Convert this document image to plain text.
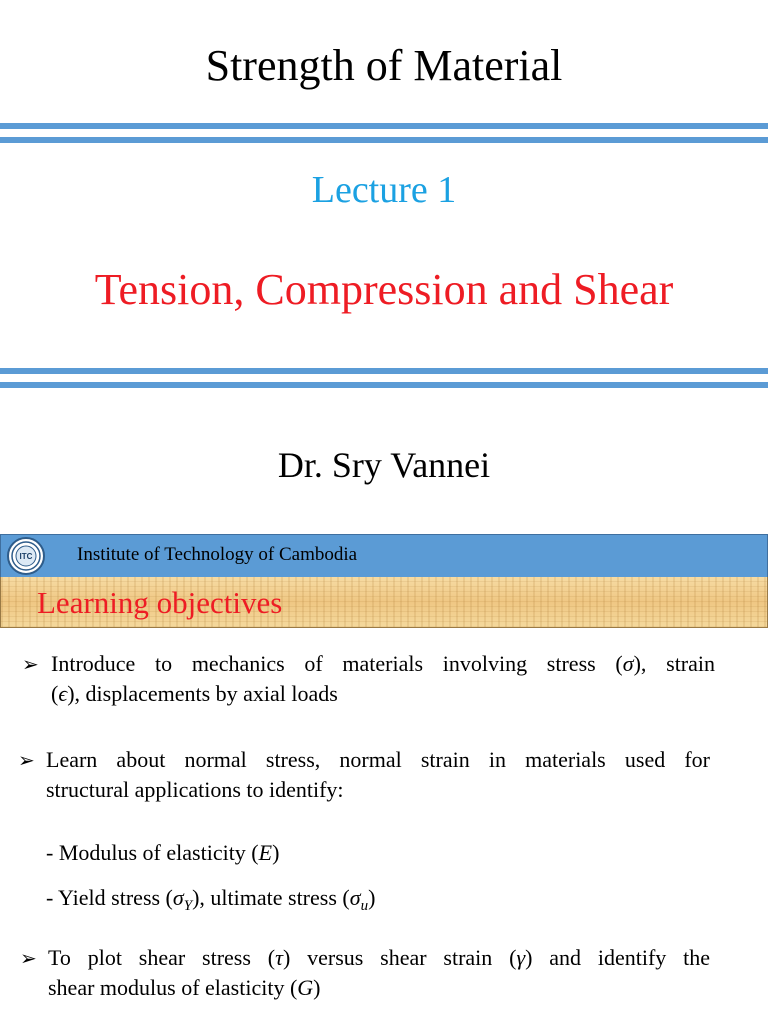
Strength of Material
Lecture 1
Tension, Compression and Shear
Dr. Sry Vannei
ITC Institute of Technology of Cambodia
Learning objectives
➢ Introduce to mechanics of materials involving stress (σ), strain
(ϵ), displacements by axial loads
➢ Learn about normal stress, normal strain in materials used for
structural applications to identify:
- Modulus of elasticity (E)
- Yield stress $(\sigma_Y)$, ultimate stress $(\sigma_u)$
➢ To plot shear stress (τ) versus shear strain (γ) and identify the
shear modulus of elasticity (G)
